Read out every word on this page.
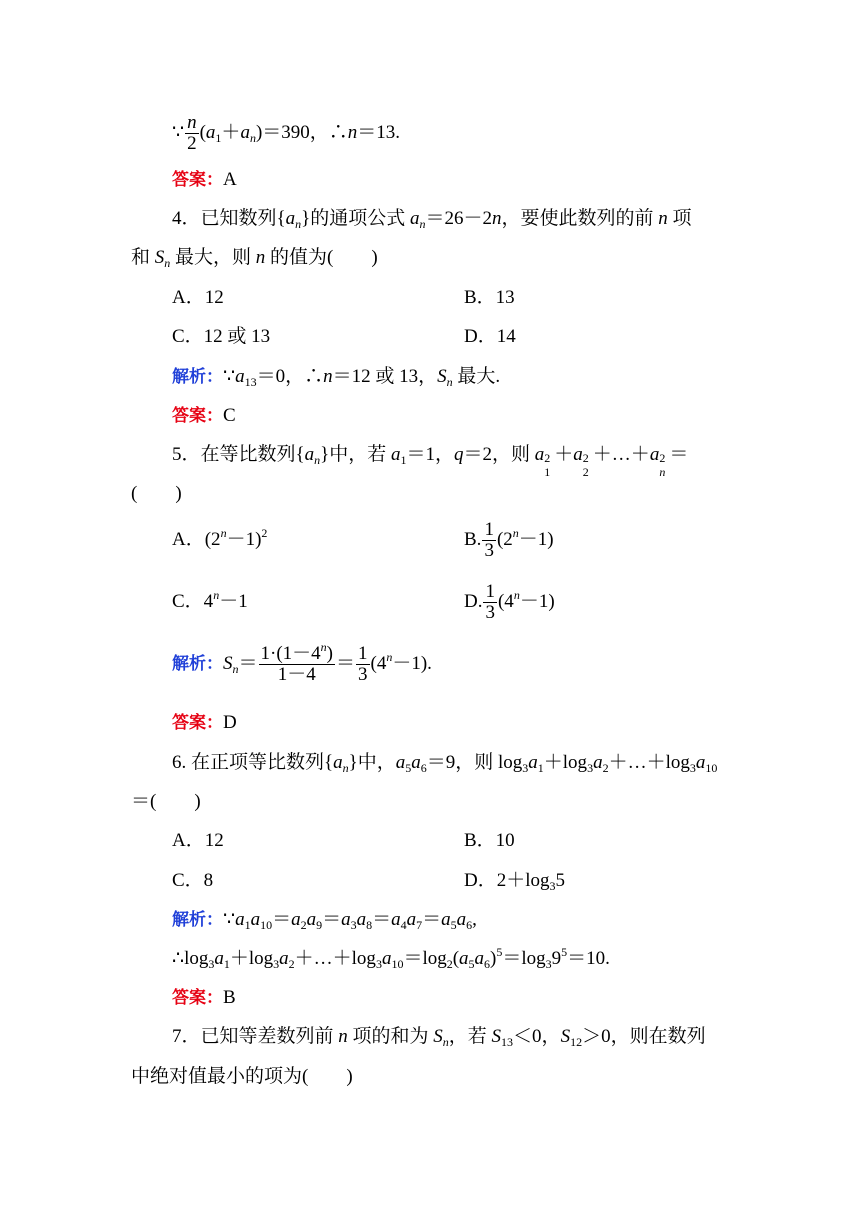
∵ $\frac{n}{2} (a_1+a_n)=390$，∴n＝13.
答案：A
4．已知数列$\{a_n\}$的通项公式 $a_n=26-2n$，要使此数列的前 n 项
和 $S_n$ 最大，则 n 的值为(　　)
A．12	B．13
C．12 或 13	D．14
解析：$\because a_{13}=0$，∴n＝12 或 13，$S_n$ 最大.
答案：C
5．在等比数列$\{a_n\}$中，若 $a_1=1$，q＝2，则 a 2
1
＋a 2
2
＋…＋a 2
n
＝
(　　)
A．$(2^n-1)^2$	B. $\frac{1}{3} (2^n-1)$
C．$4^n-1$	D. $\frac{1}{3} (4^n-1)$
解析：$S_n= \frac{1\cdot(1-4^n)}{1-4} = \frac{1}{3} (4^n-1)$.
答案：D
6. 在正项等比数列$\{a_n\}$中，$a_5a_6=9$，则 $\log_3a_1+\log_3a_2+\dots+\log_3a_{10}$
＝(　　)
A．12	B．10
C．8	D．$2+\log_35$
解析：$\because a_1a_{10}=a_2a_9=a_3a_8=a_4a_7=a_5a_6$,
$\therefore\log_3a_1+\log_3a_2+\dots+\log_3a_{10}=\log_2(a_5a_6)^5=\log_39^5=10$.
答案：B
7．已知等差数列前 n 项的和为 $S_n$，若 $S_{13}<0$，$S_{12}>0$，则在数列
中绝对值最小的项为(　　)
